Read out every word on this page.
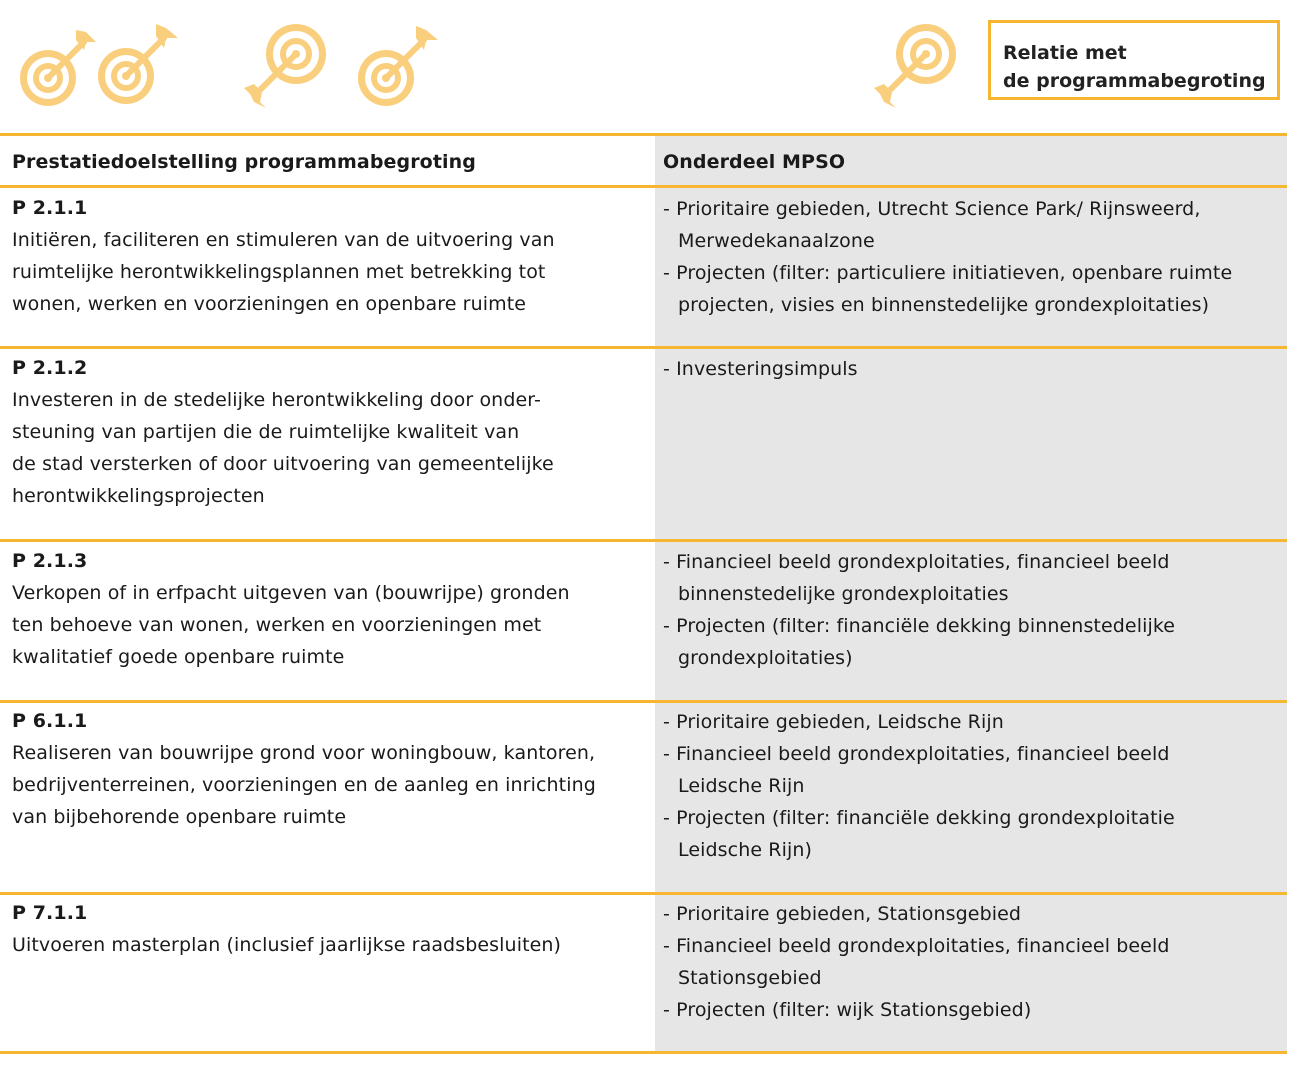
Relatie met
de programmabegroting
Prestatiedoelstelling programmabegroting	Onderdeel MPSO
P 2.1.1
Initiëren, faciliteren en stimuleren van de uitvoering van
ruimtelijke herontwikkelingsplannen met betrekking tot
wonen, werken en voorzieningen en openbare ruimte
- Prioritaire gebieden, Utrecht Science Park/ Rijnsweerd,
Merwedekanaalzone
- Projecten (filter: particuliere initiatieven, openbare ruimte
projecten, visies en binnenstedelijke grondexploitaties)
P 2.1.2
Investeren in de stedelijke herontwikkeling door onder-
steuning van partijen die de ruimtelijke kwaliteit van
de stad versterken of door uitvoering van gemeentelijke
herontwikkelingsprojecten
- Investeringsimpuls
P 2.1.3
Verkopen of in erfpacht uitgeven van (bouwrijpe) gronden
ten behoeve van wonen, werken en voorzieningen met
kwalitatief goede openbare ruimte
- Financieel beeld grondexploitaties, financieel beeld
binnenstedelijke grondexploitaties
- Projecten (filter: financiële dekking binnenstedelijke
grondexploitaties)
P 6.1.1
Realiseren van bouwrijpe grond voor woningbouw, kantoren,
bedrijventerreinen, voorzieningen en de aanleg en inrichting
van bijbehorende openbare ruimte
- Prioritaire gebieden, Leidsche Rijn
- Financieel beeld grondexploitaties, financieel beeld
Leidsche Rijn
- Projecten (filter: financiële dekking grondexploitatie
Leidsche Rijn)
P 7.1.1
Uitvoeren masterplan (inclusief jaarlijkse raadsbesluiten)
- Prioritaire gebieden, Stationsgebied
- Financieel beeld grondexploitaties, financieel beeld
Stationsgebied
- Projecten (filter: wijk Stationsgebied)
